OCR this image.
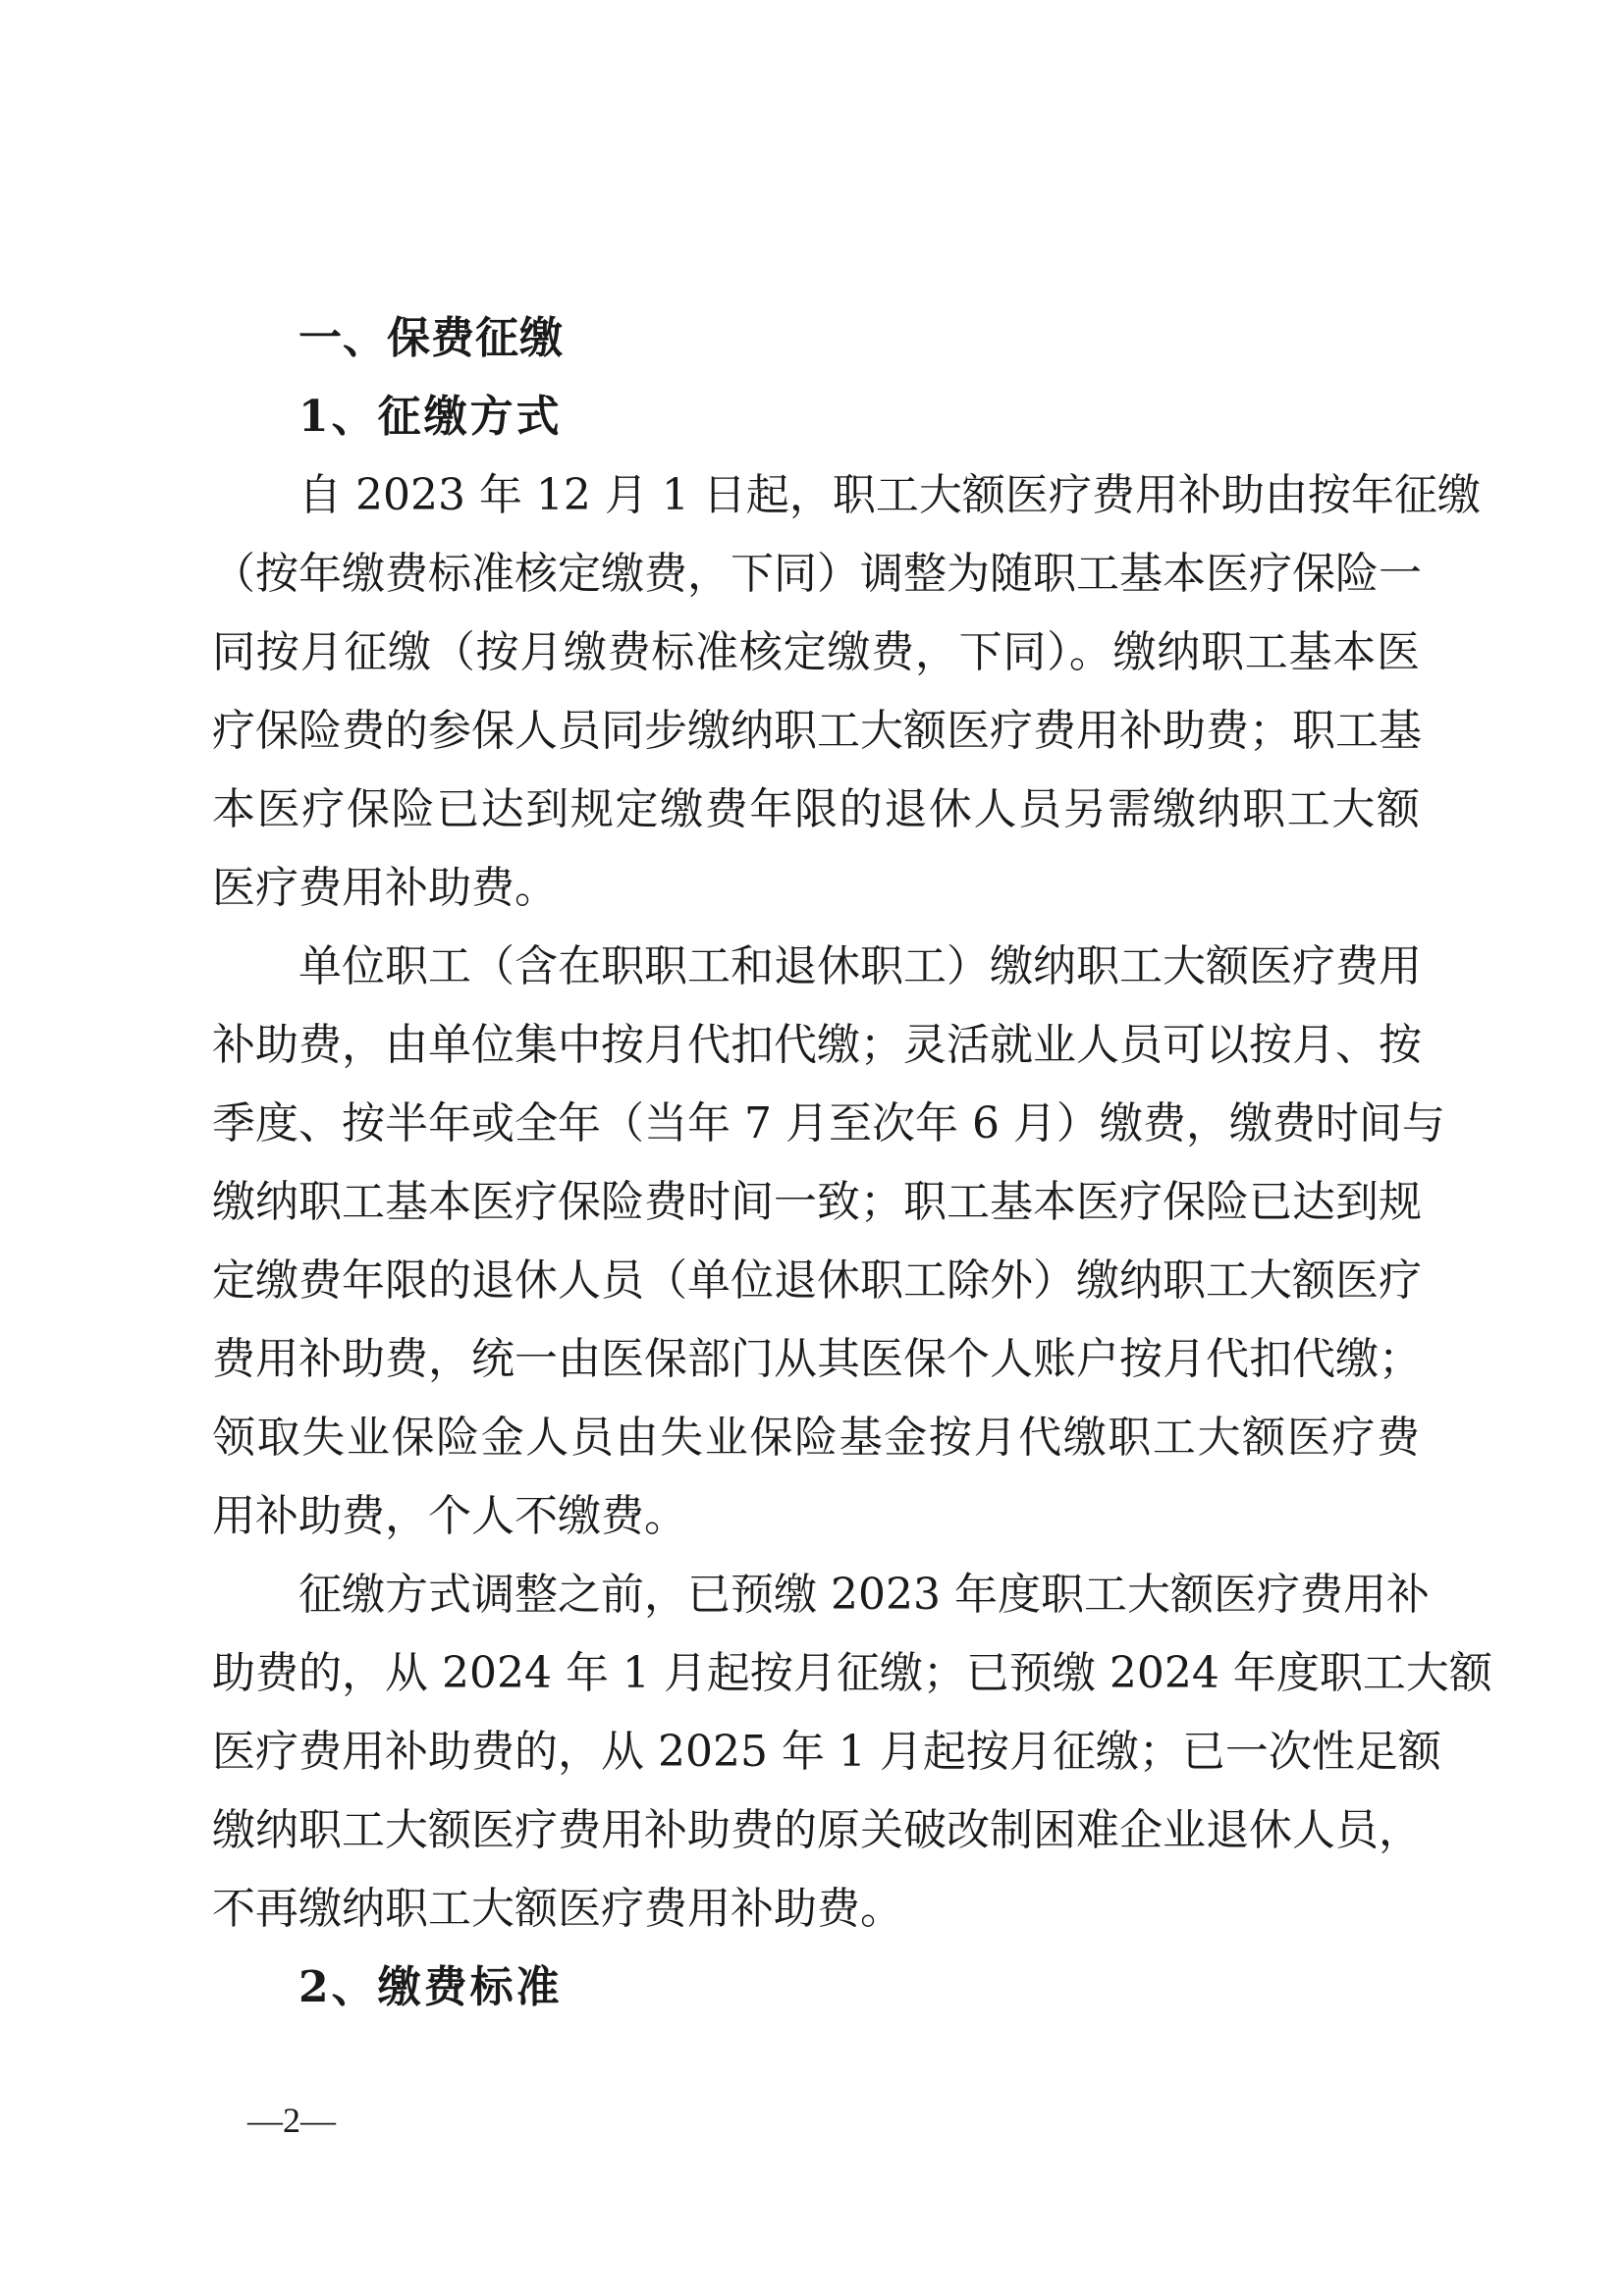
一、保费征缴
1、征缴方式

自 2023 年 12 月 1 日起，职工大额医疗费用补助由按年征缴
（按年缴费标准核定缴费，下同）调整为随职工基本医疗保险一
同按月征缴（按月缴费标准核定缴费，下同）。缴纳职工基本医
疗保险费的参保人员同步缴纳职工大额医疗费用补助费；职工基
本医疗保险已达到规定缴费年限的退休人员另需缴纳职工大额
医疗费用补助费。

单位职工（含在职职工和退休职工）缴纳职工大额医疗费用
补助费，由单位集中按月代扣代缴；灵活就业人员可以按月、按
季度、按半年或全年（当年 7 月至次年 6 月）缴费，缴费时间与
缴纳职工基本医疗保险费时间一致；职工基本医疗保险已达到规
定缴费年限的退休人员（单位退休职工除外）缴纳职工大额医疗
费用补助费，统一由医保部门从其医保个人账户按月代扣代缴；
领取失业保险金人员由失业保险基金按月代缴职工大额医疗费
用补助费，个人不缴费。

征缴方式调整之前，已预缴 2023 年度职工大额医疗费用补
助费的，从 2024 年 1 月起按月征缴；已预缴 2024 年度职工大额
医疗费用补助费的，从 2025 年 1 月起按月征缴；已一次性足额
缴纳职工大额医疗费用补助费的原关破改制困难企业退休人员，
不再缴纳职工大额医疗费用补助费。

2、缴费标准
—2—
